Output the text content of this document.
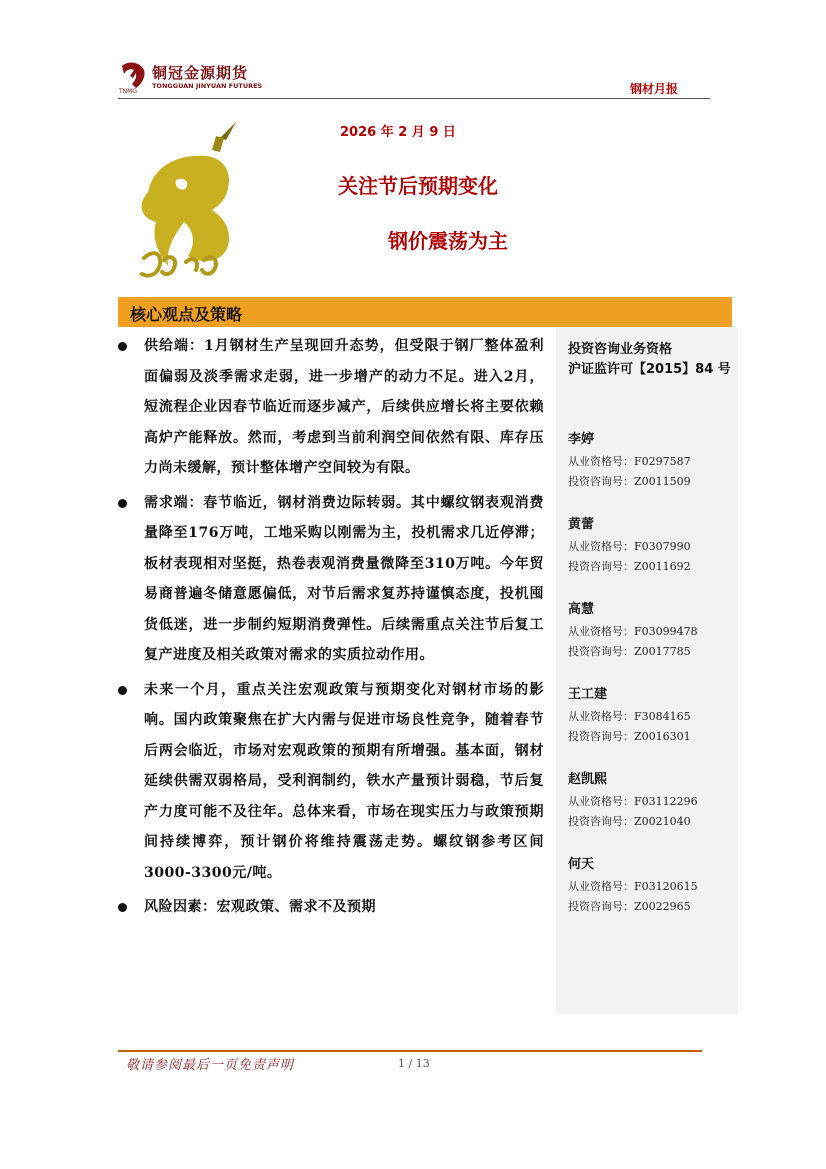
铜冠金源期货
TONGGUAN JINYUAN FUTURES
TNMG	钢材月报
铜陵有色
2026 年 2 月 9 日
关注节后预期变化
钢价震荡为主
核心观点及策略
供给端：1月钢材生产呈现回升态势，但受限于钢厂整体盈利面偏弱及淡季需求走弱，进一步增产的动力不足。进入2月，短流程企业因春节临近而逐步减产，后续供应增长将主要依赖高炉产能释放。然而，考虑到当前利润空间依然有限、库存压力尚未缓解，预计整体增产空间较为有限。
需求端：春节临近，钢材消费边际转弱。其中螺纹钢表观消费量降至176万吨，工地采购以刚需为主，投机需求几近停滞；板材表现相对坚挺，热卷表观消费量微降至310万吨。今年贸易商普遍冬储意愿偏低，对节后需求复苏持谨慎态度，投机囤货低迷，进一步制约短期消费弹性。后续需重点关注节后复工复产进度及相关政策对需求的实质拉动作用。
未来一个月，重点关注宏观政策与预期变化对钢材市场的影响。国内政策聚焦在扩大内需与促进市场良性竞争，随着春节后两会临近，市场对宏观政策的预期有所增强。基本面，钢材延续供需双弱格局，受利润制约，铁水产量预计弱稳，节后复产力度可能不及往年。总体来看，市场在现实压力与政策预期间持续博弈，预计钢价将维持震荡走势。螺纹钢参考区间3000-3300元/吨。
风险因素：宏观政策、需求不及预期
投资咨询业务资格
沪证监许可【2015】84 号
李婷
从业资格号：F0297587
投资咨询号：Z0011509
黄蕾
从业资格号：F0307990
投资咨询号：Z0011692
高慧
从业资格号：F03099478
投资咨询号：Z0017785
王工建
从业资格号：F3084165
投资咨询号：Z0016301
赵凯熙
从业资格号：F03112296
投资咨询号：Z0021040
何天
从业资格号：F03120615
投资咨询号：Z0022965
敬请参阅最后一页免责声明	1 / 13
